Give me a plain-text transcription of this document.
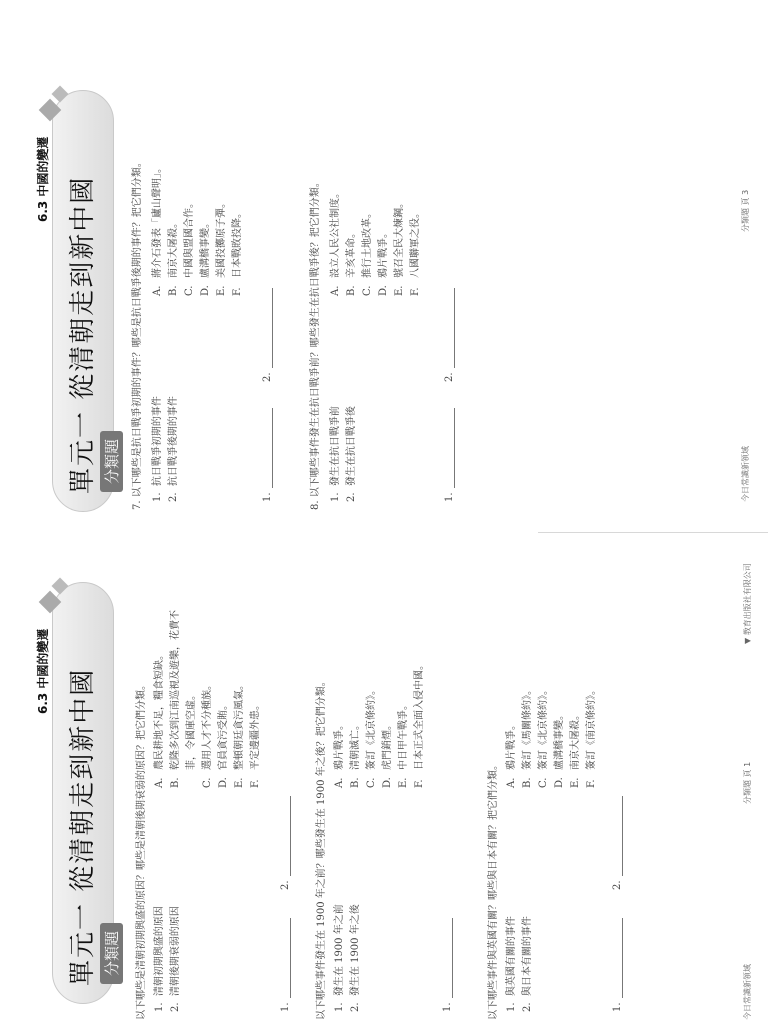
單元一 從清朝走到新中國 分類題
6.3 中國的變遷	7. 以下哪些是抗日戰爭初期的事件？哪些是抗日戰爭後期的事件？把它們分類。 1.  抗日戰爭初期的事件
2.  抗日戰爭後期的事件
A.蔣介石發表「廬山聲明」。
B.南京大屠殺。
C.中國與盟國合作。
D.盧溝橋事變。
E.美國投擲原子彈。
F.日本戰敗投降。
1.
2.	8. 以下哪些事件發生在抗日戰爭前？哪些發生在抗日戰爭後？把它們分類。 1.  發生在抗日戰爭前
2.  發生在抗日戰爭後
A.設立人民公社制度。
B.辛亥革命。
C.推行土地改革。
D.鴉片戰爭。
E.號召全民大煉鋼。
F.八國聯軍之役。
1.
2.
今日常識新領域
分類題 頁 3
單元一 從清朝走到新中國 分類題
6.3 中國的變遷
以下哪些是清朝初期興盛的原因？哪些是清朝後期衰弱的原因？把它們分類。 1.  清朝初期興盛的原因
2.  清朝後期衰弱的原因
A.農民耕地不足，糧食短缺。
B.乾隆多次到江南巡視及遊樂，花費不 菲，令國庫空虛。
C.選用人才不分種族。
D.官員貪污受賄。
E.整頓朝廷貪污風氣。
F.平定邊疆外患。
1.
2.	以下哪些事件發生在 1900 年之前？哪些發生在 1900 年之後？把它們分類。 1.  發生在 1900 年之前
2.  發生在 1900 年之後
A.鴉片戰爭。
B.清朝滅亡。
C.簽訂《北京條約》。
D.虎門銷煙。
E.中日甲午戰爭。
F.日本正式全面入侵中國。
1.	以下哪些事件與英國有關？哪些與日本有關？把它們分類。 1.  與英國有關的事件
2.  與日本有關的事件
A.鴉片戰爭。
B.簽訂《馬關條約》。
C.簽訂《北京條約》。
D.盧溝橋事變。
E.南京大屠殺。
F.簽訂《南京條約》。
1.
2.
今日常識新領域
分類題 頁 1
▼ 教育出版社有限公司
